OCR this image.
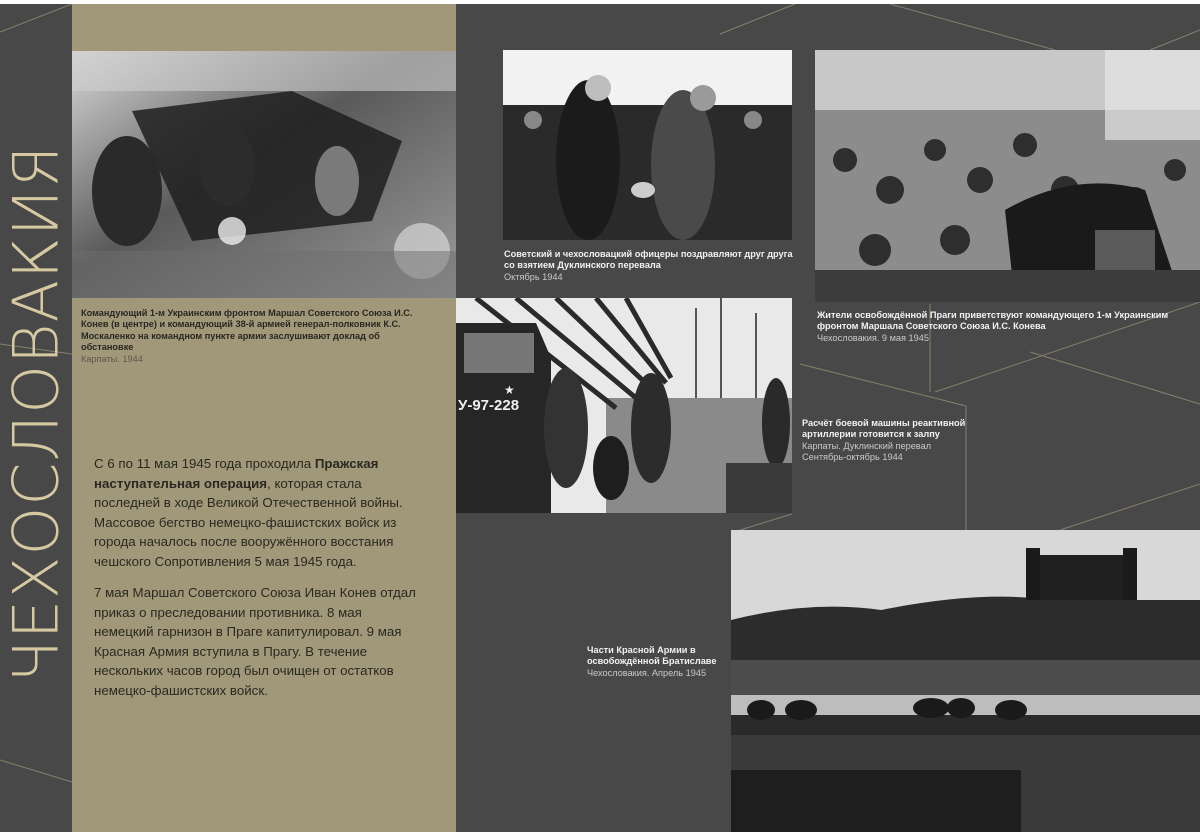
ЧЕХОСЛОВАКИЯ	У-97-228
★
Командующий 1-м Украинским фронтом Маршал Советского Союза И.С. Конев (в центре) и командующий 38-й армией генерал-полковник К.С. Москаленко на командном пункте армии заслушивают доклад об обстановке
Карпаты. 1944
Советский и чехословацкий офицеры поздравляют друг друга со взятием Дуклинского перевала
Октябрь 1944
Жители освобождённой Праги приветствуют командующего 1-м Украинским фронтом Маршала Советского Союза И.С. Конева
Чехословакия. 9 мая 1945
Расчёт боевой машины реактивной артиллерии готовится к залпу
Карпаты. Дуклинский перевал
Сентябрь-октябрь 1944
Части Красной Армии в освобождённой Братиславе
Чехословакия. Апрель 1945

С 6 по 11 мая 1945 года проходила Пражская наступательная операция, которая стала последней в ходе Великой Отечественной войны. Массовое бегство немецко-фашистских войск из города началось после вооружённого восстания чешского Сопротивления 5 мая 1945 года.

7 мая Маршал Советского Союза Иван Конев отдал приказ о преследовании противника. 8 мая немецкий гарнизон в Праге капитулировал. 9 мая Красная Армия вступила в Прагу. В течение нескольких часов город был очищен от остатков немецко-фашистских войск.
